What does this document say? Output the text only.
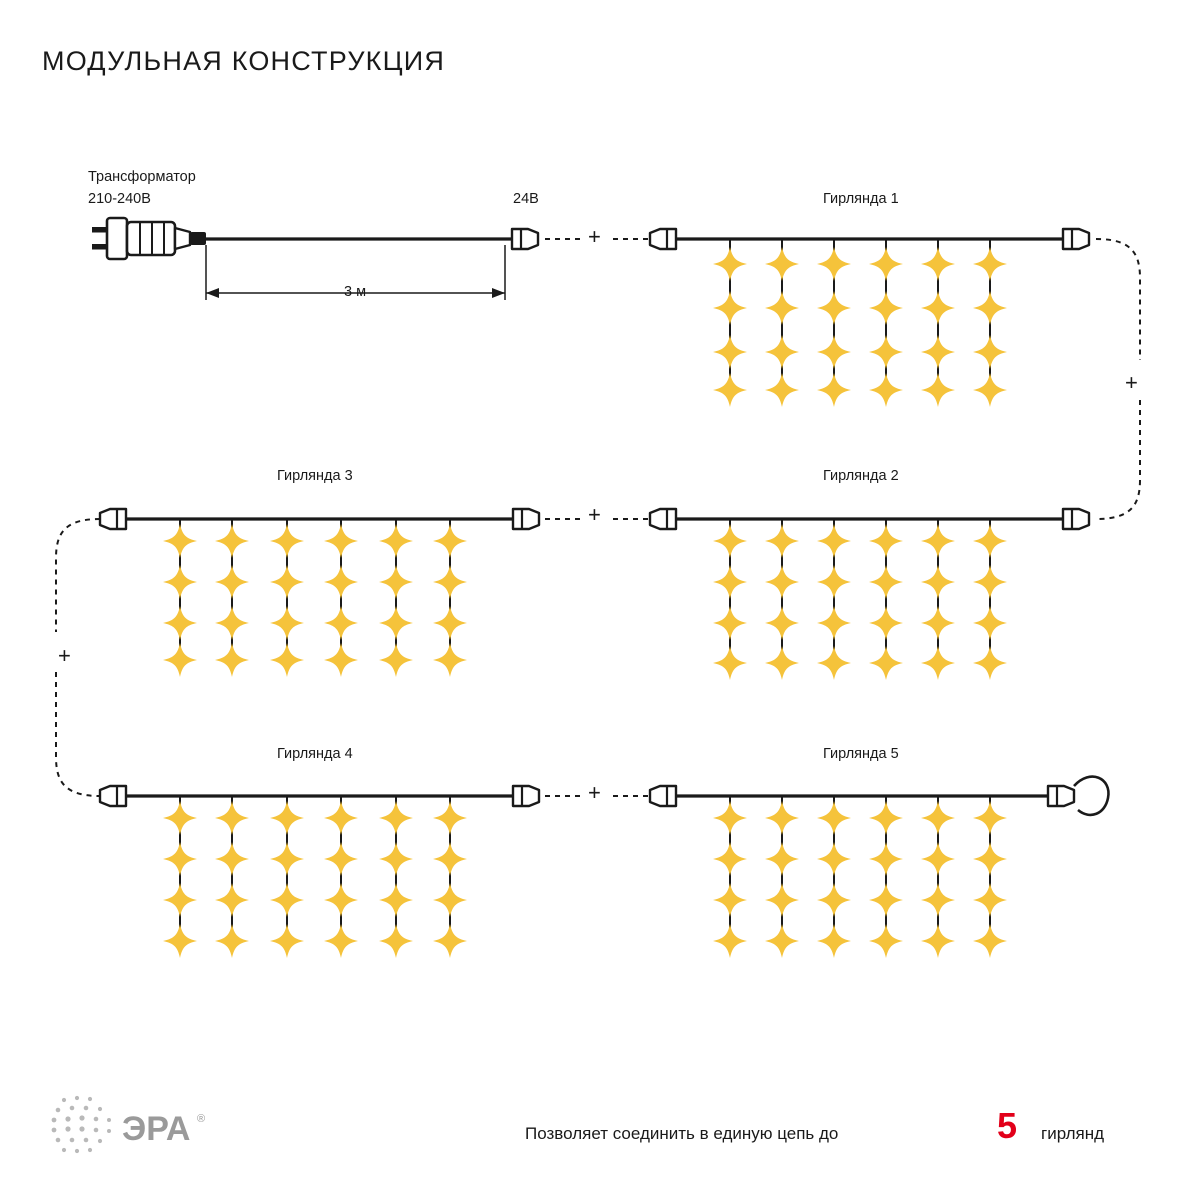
МОДУЛЬНАЯ КОНСТРУКЦИЯ
Трансформатор
210-240В	24В
3 м
Гирлянда 1
Гирлянда 2
Гирлянда 3
Гирлянда 4	Гирлянда 5
+
+
+
+
+
ЭРА ®
Позволяет соединить в единую цепь до	5 гирлянд
